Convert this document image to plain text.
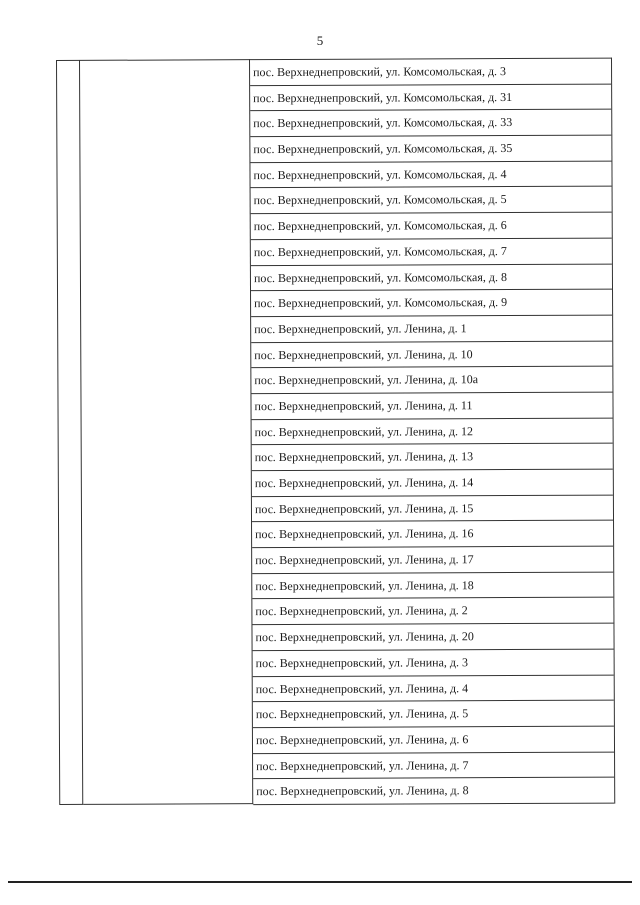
5
пос. Верхнеднепровский, ул. Комсомольская, д. 3
пос. Верхнеднепровский, ул. Комсомольская, д. 31
пос. Верхнеднепровский, ул. Комсомольская, д. 33
пос. Верхнеднепровский, ул. Комсомольская, д. 35
пос. Верхнеднепровский, ул. Комсомольская, д. 4
пос. Верхнеднепровский, ул. Комсомольская, д. 5
пос. Верхнеднепровский, ул. Комсомольская, д. 6
пос. Верхнеднепровский, ул. Комсомольская, д. 7
пос. Верхнеднепровский, ул. Комсомольская, д. 8
пос. Верхнеднепровский, ул. Комсомольская, д. 9
пос. Верхнеднепровский, ул. Ленина, д. 1
пос. Верхнеднепровский, ул. Ленина, д. 10
пос. Верхнеднепровский, ул. Ленина, д. 10а
пос. Верхнеднепровский, ул. Ленина, д. 11
пос. Верхнеднепровский, ул. Ленина, д. 12
пос. Верхнеднепровский, ул. Ленина, д. 13
пос. Верхнеднепровский, ул. Ленина, д. 14
пос. Верхнеднепровский, ул. Ленина, д. 15
пос. Верхнеднепровский, ул. Ленина, д. 16
пос. Верхнеднепровский, ул. Ленина, д. 17
пос. Верхнеднепровский, ул. Ленина, д. 18
пос. Верхнеднепровский, ул. Ленина, д. 2
пос. Верхнеднепровский, ул. Ленина, д. 20
пос. Верхнеднепровский, ул. Ленина, д. 3
пос. Верхнеднепровский, ул. Ленина, д. 4
пос. Верхнеднепровский, ул. Ленина, д. 5
пос. Верхнеднепровский, ул. Ленина, д. 6
пос. Верхнеднепровский, ул. Ленина, д. 7
пос. Верхнеднепровский, ул. Ленина, д. 8
